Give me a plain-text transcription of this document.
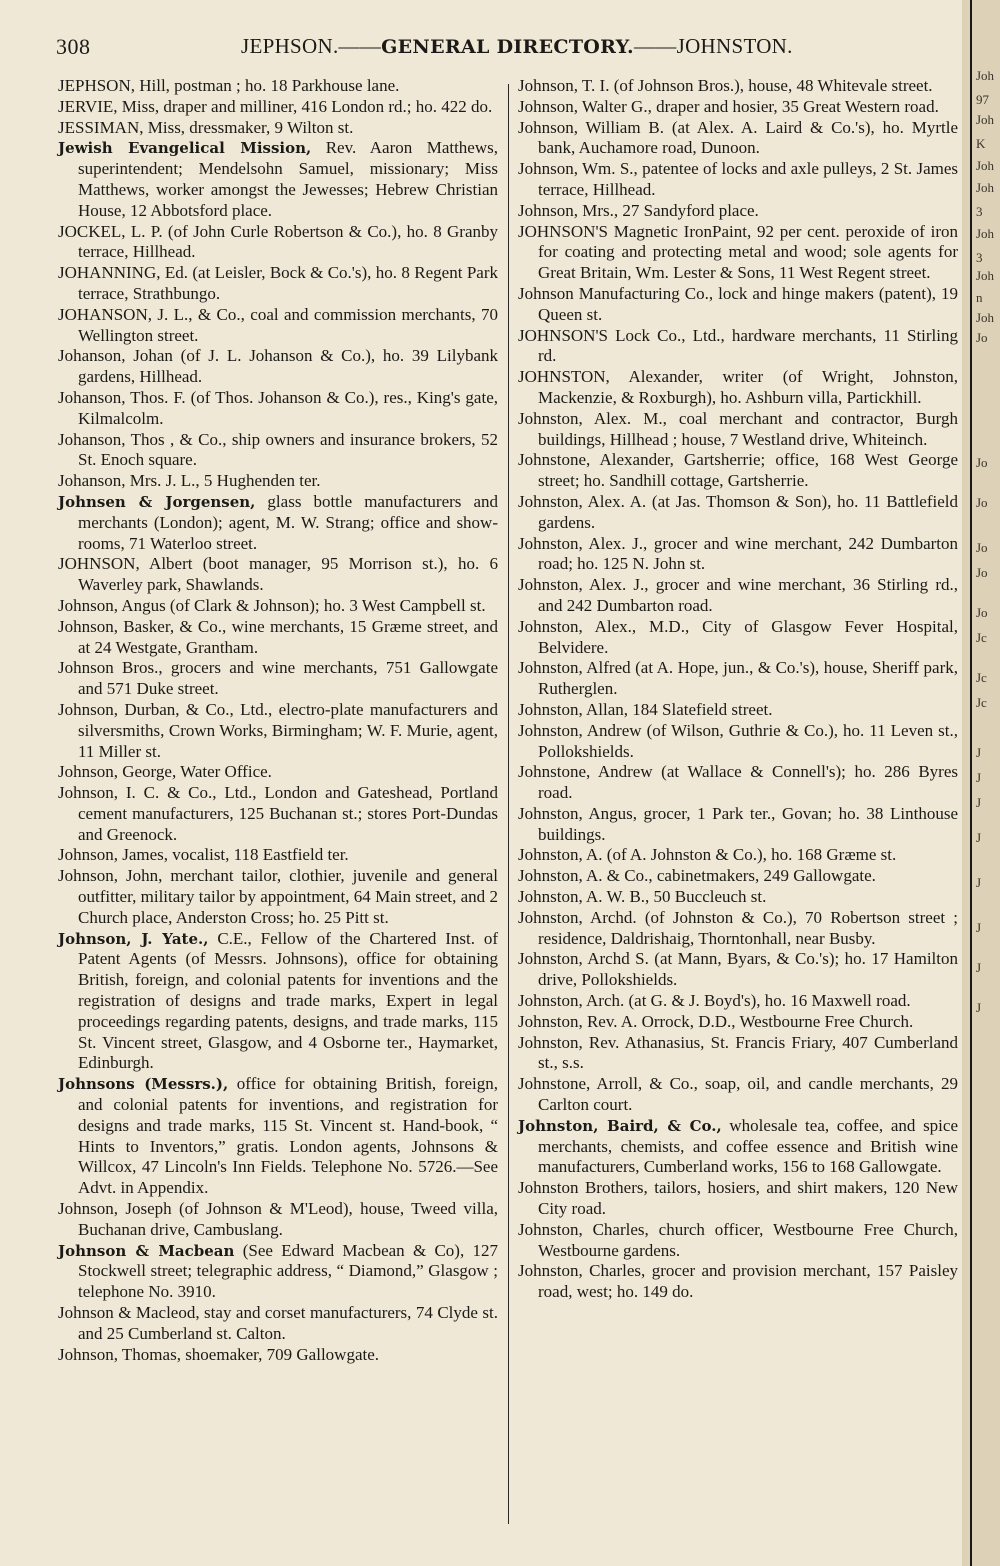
308	JEPHSON.——GENERAL DIRECTORY.——JOHNSTON.

JEPHSON, Hill, postman ; ho. 18 Parkhouse lane.

JERVIE, Miss, draper and milliner, 416 London rd.; ho. 422 do.

JESSIMAN, Miss, dressmaker, 9 Wilton st.

Jewish Evangelical Mission, Rev. Aaron Matthews, superintendent; Mendelsohn Samuel, missionary; Miss Matthews, worker amongst the Jewesses; Hebrew Christian House, 12 Abbotsford place.

JOCKEL, L. P. (of John Curle Robertson & Co.), ho. 8 Granby terrace, Hillhead.

JOHANNING, Ed. (at Leisler, Bock & Co.'s), ho. 8 Regent Park terrace, Strathbungo.

JOHANSON, J. L., & Co., coal and commission merchants, 70 Wellington street.

Johanson, Johan (of J. L. Johanson & Co.), ho. 39 Lilybank gardens, Hillhead.

Johanson, Thos. F. (of Thos. Johanson & Co.), res., King's gate, Kilmalcolm.

Johanson, Thos , & Co., ship owners and insurance brokers, 52 St. Enoch square.

Johanson, Mrs. J. L., 5 Hughenden ter.

Johnsen & Jorgensen, glass bottle manufacturers and merchants (London); agent, M. W. Strang; office and show-rooms, 71 Waterloo street.

JOHNSON, Albert (boot manager, 95 Morrison st.), ho. 6 Waverley park, Shawlands.

Johnson, Angus (of Clark & Johnson); ho. 3 West Campbell st.

Johnson, Basker, & Co., wine merchants, 15 Græme street, and at 24 Westgate, Grantham.

Johnson Bros., grocers and wine merchants, 751 Gallowgate and 571 Duke street.

Johnson, Durban, & Co., Ltd., electro-plate manufacturers and silversmiths, Crown Works, Birmingham; W. F. Murie, agent, 11 Miller st.

Johnson, George, Water Office.

Johnson, I. C. & Co., Ltd., London and Gateshead, Portland cement manufacturers, 125 Buchanan st.; stores Port-Dundas and Greenock.

Johnson, James, vocalist, 118 Eastfield ter.

Johnson, John, merchant tailor, clothier, juvenile and general outfitter, military tailor by appointment, 64 Main street, and 2 Church place, Anderston Cross; ho. 25 Pitt st.

Johnson, J. Yate., C.E., Fellow of the Chartered Inst. of Patent Agents (of Messrs. Johnsons), office for obtaining British, foreign, and colonial patents for inventions and the registration of designs and trade marks, Expert in legal proceedings regarding patents, designs, and trade marks, 115 St. Vincent street, Glasgow, and 4 Osborne ter., Haymarket, Edinburgh.

Johnsons (Messrs.), office for obtaining British, foreign, and colonial patents for inventions, and registration for designs and trade marks, 115 St. Vincent st. Hand-book, “ Hints to Inventors,” gratis. London agents, Johnsons & Willcox, 47 Lincoln's Inn Fields. Telephone No. 5726.—See Advt. in Appendix.

Johnson, Joseph (of Johnson & M'Leod), house, Tweed villa, Buchanan drive, Cambuslang.

Johnson & Macbean (See Edward Macbean & Co), 127 Stockwell street; telegraphic address, “ Diamond,” Glasgow ; telephone No. 3910.

Johnson & Macleod, stay and corset manufacturers, 74 Clyde st. and 25 Cumberland st. Calton.

Johnson, Thomas, shoemaker, 709 Gallowgate.

Johnson, T. I. (of Johnson Bros.), house, 48 Whitevale street.

Johnson, Walter G., draper and hosier, 35 Great Western road.

Johnson, William B. (at Alex. A. Laird & Co.'s), ho. Myrtle bank, Auchamore road, Dunoon.

Johnson, Wm. S., patentee of locks and axle pulleys, 2 St. James terrace, Hillhead.

Johnson, Mrs., 27 Sandyford place.

JOHNSON'S Magnetic IronPaint, 92 per cent. peroxide of iron for coating and protecting metal and wood; sole agents for Great Britain, Wm. Lester & Sons, 11 West Regent street.

Johnson Manufacturing Co., lock and hinge makers (patent), 19 Queen st.

JOHNSON'S Lock Co., Ltd., hardware merchants, 11 Stirling rd.

JOHNSTON, Alexander, writer (of Wright, Johnston, Mackenzie, & Roxburgh), ho. Ashburn villa, Partickhill.

Johnston, Alex. M., coal merchant and contractor, Burgh buildings, Hillhead ; house, 7 Westland drive, Whiteinch.

Johnstone, Alexander, Gartsherrie; office, 168 West George street; ho. Sandhill cottage, Gartsherrie.

Johnston, Alex. A. (at Jas. Thomson & Son), ho. 11 Battlefield gardens.

Johnston, Alex. J., grocer and wine merchant, 242 Dumbarton road; ho. 125 N. John st.

Johnston, Alex. J., grocer and wine merchant, 36 Stirling rd., and 242 Dumbarton road.

Johnston, Alex., M.D., City of Glasgow Fever Hospital, Belvidere.

Johnston, Alfred (at A. Hope, jun., & Co.'s), house, Sheriff park, Rutherglen.

Johnston, Allan, 184 Slatefield street.

Johnston, Andrew (of Wilson, Guthrie & Co.), ho. 11 Leven st., Pollokshields.

Johnstone, Andrew (at Wallace & Connell's); ho. 286 Byres road.

Johnston, Angus, grocer, 1 Park ter., Govan; ho. 38 Linthouse buildings.

Johnston, A. (of A. Johnston & Co.), ho. 168 Græme st.

Johnston, A. & Co., cabinetmakers, 249 Gallowgate.

Johnston, A. W. B., 50 Buccleuch st.

Johnston, Archd. (of Johnston & Co.), 70 Robertson street ; residence, Daldrishaig, Thorntonhall, near Busby.

Johnston, Archd S. (at Mann, Byars, & Co.'s); ho. 17 Hamilton drive, Pollokshields.

Johnston, Arch. (at G. & J. Boyd's), ho. 16 Maxwell road.

Johnston, Rev. A. Orrock, D.D., Westbourne Free Church.

Johnston, Rev. Athanasius, St. Francis Friary, 407 Cumberland st., s.s.

Johnstone, Arroll, & Co., soap, oil, and candle merchants, 29 Carlton court.

Johnston, Baird, & Co., wholesale tea, coffee, and spice merchants, chemists, and coffee essence and British wine manufacturers, Cumberland works, 156 to 168 Gallowgate.

Johnston Brothers, tailors, hosiers, and shirt makers, 120 New City road.

Johnston, Charles, church officer, Westbourne Free Church, Westbourne gardens.

Johnston, Charles, grocer and provision merchant, 157 Paisley road, west; ho. 149 do.

Joh
97
Joh
K
Joh
Joh
3
Joh
3
Joh
n
Joh
Jo
Jo
Jo
Jo
Jo
Jo
Jc
Jc
Jc
J
J
J
J
J
J
J
J
